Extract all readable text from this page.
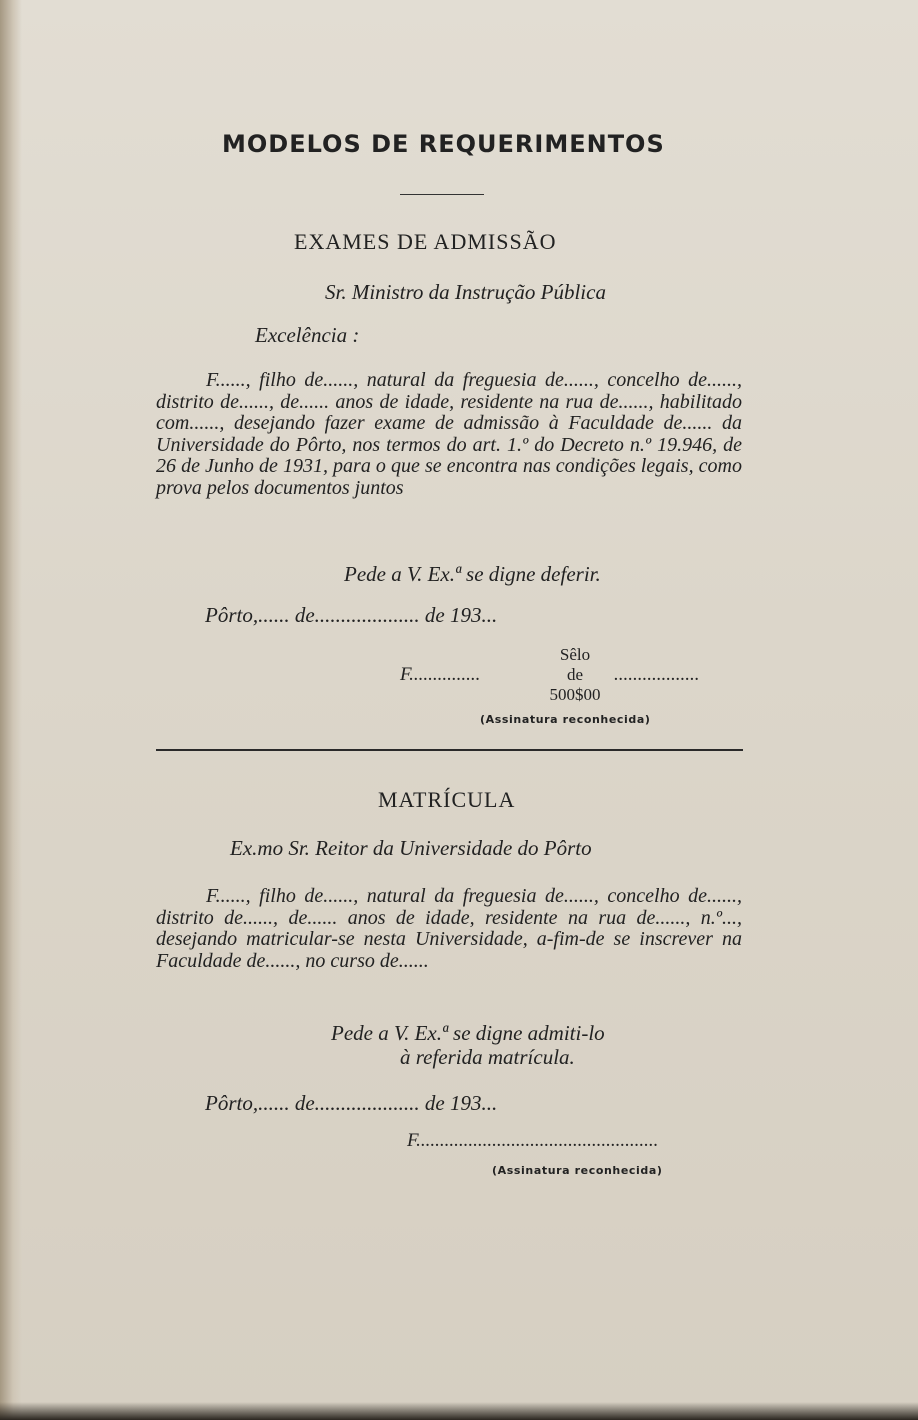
MODELOS DE REQUERIMENTOS
EXAMES DE ADMISSÃO

Sr. Ministro da Instrução Pública

Excelência :

F......, filho de......, natural da freguesia de......, concelho de......, distrito de......, de...... anos de idade, residente na rua de......, habilitado com......, desejando fazer exame de admissão à Faculdade de...... da Universidade do Pôrto, nos termos do art. 1.º do Decreto n.º 19.946, de 26 de Junho de 1931, para o que se encontra nas condições legais, como prova pelos documentos juntos

Pede a V. Ex.ª se digne deferir.

Pôrto,...... de.................... de 193...

F...............

Sêlo
de
500$00

..................

(Assinatura reconhecida)

MATRÍCULA

Ex.mo Sr. Reitor da Universidade do Pôrto

F......, filho de......, natural da freguesia de......, concelho de......, distrito de......, de...... anos de idade, residente na rua de......, n.º..., desejando matricular-se nesta Universidade, a-fim-de se inscrever na Faculdade de......, no curso de......

Pede a V. Ex.ª se digne admiti-lo

à referida matrícula.

Pôrto,...... de.................... de 193...

F...................................................

(Assinatura reconhecida)
